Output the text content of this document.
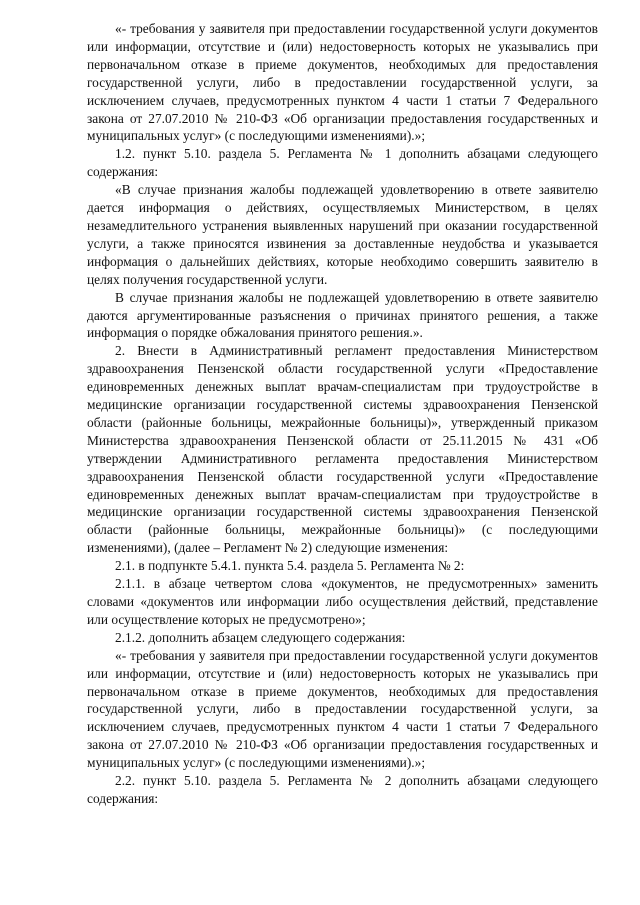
«- требования у заявителя при предоставлении государственной услуги документов или информации, отсутствие и (или) недостоверность которых не указывались при первоначальном отказе в приеме документов, необходимых для предоставления государственной услуги, либо в предоставлении государственной услуги, за исключением случаев, предусмотренных пунктом 4 части 1 статьи 7 Федерального закона от 27.07.2010 № 210-ФЗ «Об организации предоставления государственных и муниципальных услуг» (с последующими изменениями).»;

1.2. пункт 5.10. раздела 5. Регламента № 1 дополнить абзацами следующего содержания:

«В случае признания жалобы подлежащей удовлетворению в ответе заявителю дается информация о действиях, осуществляемых Министерством, в целях незамедлительного устранения выявленных нарушений при оказании государственной услуги, а также приносятся извинения за доставленные неудобства и указывается информация о дальнейших действиях, которые необходимо совершить заявителю в целях получения государственной услуги.

В случае признания жалобы не подлежащей удовлетворению в ответе заявителю даются аргументированные разъяснения о причинах принятого решения, а также информация о порядке обжалования принятого решения.».

2. Внести в Административный регламент предоставления Министерством здравоохранения Пензенской области государственной услуги «Предоставление единовременных денежных выплат врачам-специалистам при трудоустройстве в медицинские организации государственной системы здравоохранения Пензенской области (районные больницы, межрайонные больницы)», утвержденный приказом Министерства здравоохранения Пензенской области от 25.11.2015 № 431 «Об утверждении Административного регламента предоставления Министерством здравоохранения Пензенской области государственной услуги «Предоставление единовременных денежных выплат врачам-специалистам при трудоустройстве в медицинские организации государственной системы здравоохранения Пензенской области (районные больницы, межрайонные больницы)» (с последующими изменениями), (далее – Регламент № 2) следующие изменения:

2.1. в подпункте 5.4.1. пункта 5.4. раздела 5. Регламента № 2:

2.1.1. в абзаце четвертом слова «документов, не предусмотренных» заменить словами «документов или информации либо осуществления действий, представление или осуществление которых не предусмотрено»;

2.1.2. дополнить абзацем следующего содержания:

«- требования у заявителя при предоставлении государственной услуги документов или информации, отсутствие и (или) недостоверность которых не указывались при первоначальном отказе в приеме документов, необходимых для предоставления государственной услуги, либо в предоставлении государственной услуги, за исключением случаев, предусмотренных пунктом 4 части 1 статьи 7 Федерального закона от 27.07.2010 № 210-ФЗ «Об организации предоставления государственных и муниципальных услуг» (с последующими изменениями).»;

2.2. пункт 5.10. раздела 5. Регламента № 2 дополнить абзацами следующего содержания:
